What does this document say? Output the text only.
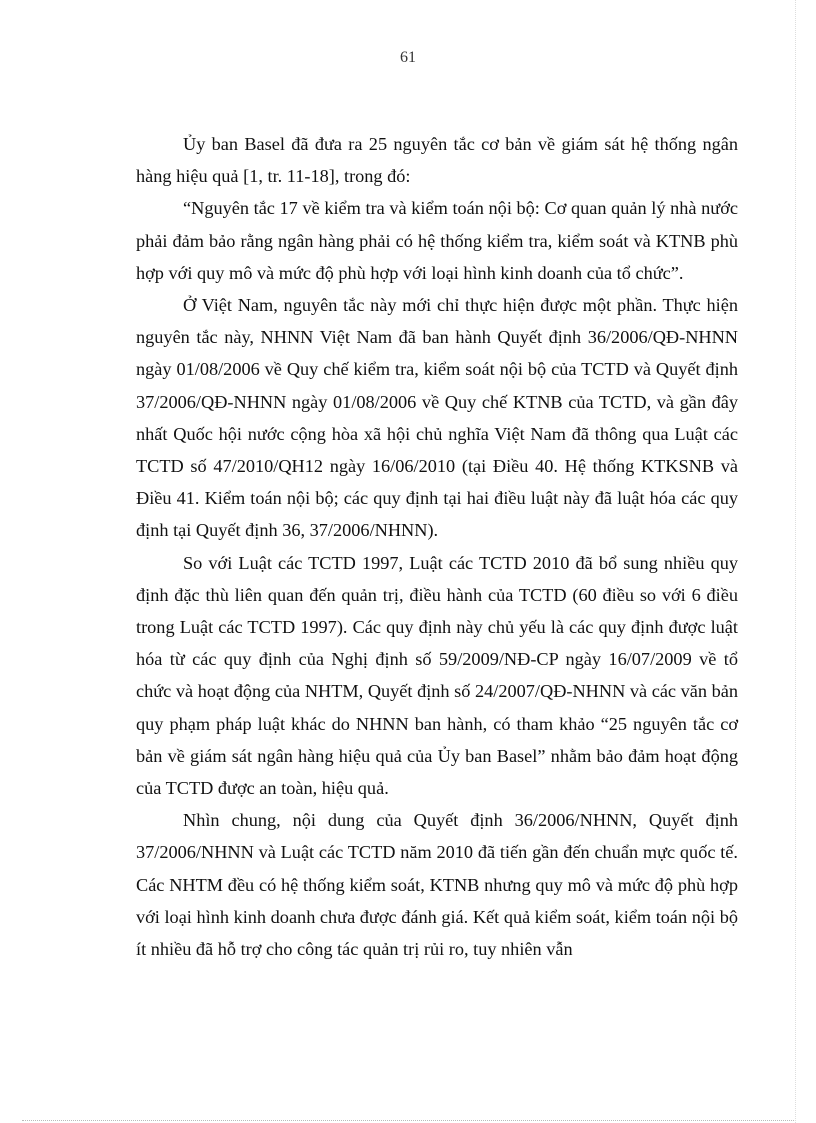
61

Ủy ban Basel đã đưa ra 25 nguyên tắc cơ bản về giám sát hệ thống ngân hàng hiệu quả [1, tr. 11-18], trong đó:

“Nguyên tắc 17 về kiểm tra và kiểm toán nội bộ: Cơ quan quản lý nhà nước phải đảm bảo rằng ngân hàng phải có hệ thống kiểm tra, kiểm soát và KTNB phù hợp với quy mô và mức độ phù hợp với loại hình kinh doanh của tổ chức”.

Ở Việt Nam, nguyên tắc này mới chỉ thực hiện được một phần. Thực hiện nguyên tắc này, NHNN Việt Nam đã ban hành Quyết định 36/2006/QĐ-NHNN ngày 01/08/2006 về Quy chế kiểm tra, kiểm soát nội bộ của TCTD và Quyết định 37/2006/QĐ-NHNN ngày 01/08/2006 về Quy chế KTNB của TCTD, và gần đây nhất Quốc hội nước cộng hòa xã hội chủ nghĩa Việt Nam đã thông qua Luật các TCTD số 47/2010/QH12 ngày 16/06/2010 (tại Điều 40. Hệ thống KTKSNB và Điều 41. Kiểm toán nội bộ; các quy định tại hai điều luật này đã luật hóa các quy định tại Quyết định 36, 37/2006/NHNN).

So với Luật các TCTD 1997, Luật các TCTD 2010 đã bổ sung nhiều quy định đặc thù liên quan đến quản trị, điều hành của TCTD (60 điều so với 6 điều trong Luật các TCTD 1997). Các quy định này chủ yếu là các quy định được luật hóa từ các quy định của Nghị định số 59/2009/NĐ-CP ngày 16/07/2009 về tổ chức và hoạt động của NHTM, Quyết định số 24/2007/QĐ-NHNN và các văn bản quy phạm pháp luật khác do NHNN ban hành, có tham khảo “25 nguyên tắc cơ bản về giám sát ngân hàng hiệu quả của Ủy ban Basel” nhằm bảo đảm hoạt động của TCTD được an toàn, hiệu quả.

Nhìn chung, nội dung của Quyết định 36/2006/NHNN, Quyết định 37/2006/NHNN và Luật các TCTD năm 2010 đã tiến gần đến chuẩn mực quốc tế. Các NHTM đều có hệ thống kiểm soát, KTNB nhưng quy mô và mức độ phù hợp với loại hình kinh doanh chưa được đánh giá. Kết quả kiểm soát, kiểm toán nội bộ ít nhiều đã hỗ trợ cho công tác quản trị rủi ro, tuy nhiên vẫn
